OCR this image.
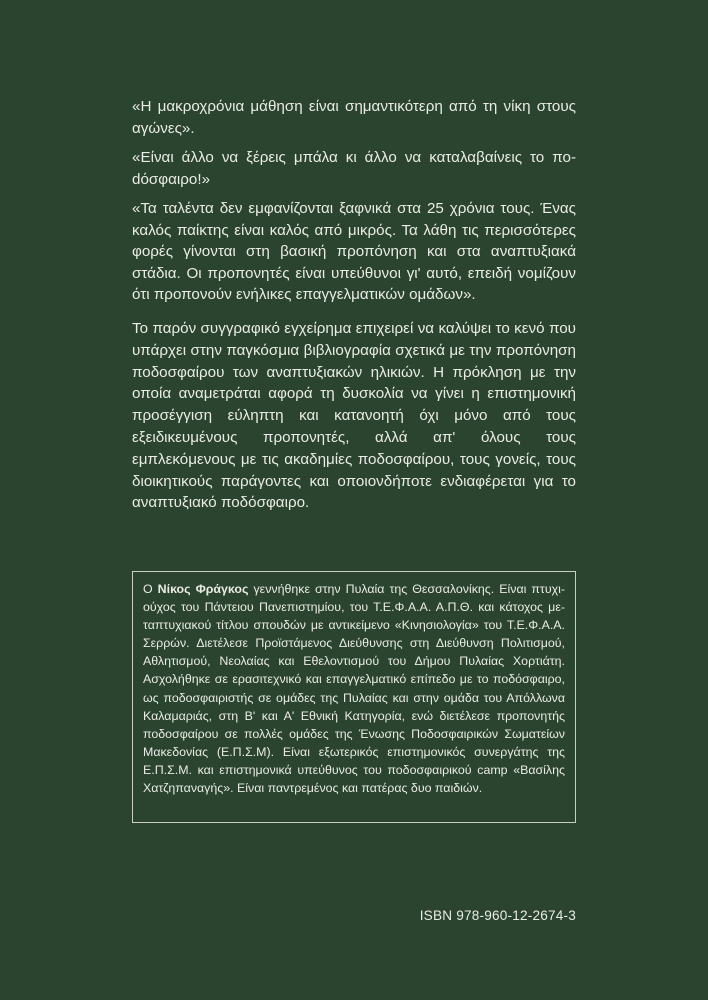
«Η μακροχρόνια μάθηση είναι σημαντικότερη από τη νίκη στους αγώνες».

«Είναι άλλο να ξέρεις μπάλα κι άλλο να καταλαβαίνεις το ποdόσφαιρο!»

«Τα ταλέντα δεν εμφανίζονται ξαφνικά στα 25 χρόνια τους. Ένας καλός παίκτης είναι καλός από μικρός. Τα λάθη τις περισσότερες φορές γίνονται στη βασική προπόνηση και στα αναπτυξιακά στάδια. Οι προπονητές είναι υπεύθυνοι γι' αυτό, επειδή νομίζουν ότι προπονούν ενήλικες επαγγελματικών ομάδων».

Το παρόν συγγραφικό εγχείρημα επιχειρεί να καλύψει το κενό που υπάρχει στην παγκόσμια βιβλιογραφία σχετικά με την προπόνηση ποδοσφαίρου των αναπτυξιακών ηλικιών. Η πρόκληση με την οποία αναμετράται αφορά τη δυσκολία να γίνει η επιστημονική προσέγγιση εύληπτη και κατανοητή όχι μόνο από τους εξειδικευμένους προπονητές, αλλά απ' όλους τους εμπλεκόμενους με τις ακαδημίες ποδοσφαίρου, τους γονείς, τους διοικητικούς παράγοντες και οποιονδήποτε ενδιαφέρεται για το αναπτυξιακό ποδόσφαιρο.

Ο Νίκος Φράγκος γεννήθηκε στην Πυλαία της Θεσσαλονίκης. Είναι πτυχιούχος του Πάντειου Πανεπιστημίου, του Τ.Ε.Φ.Α.Α. Α.Π.Θ. και κάτοχος μεταπτυχιακού τίτλου σπουδών με αντικείμενο «Κινησιολογία» του Τ.Ε.Φ.Α.Α. Σερρών. Διετέλεσε Προϊστάμενος Διεύθυνσης στη Διεύθυνση Πολιτισμού, Αθλητισμού, Νεολαίας και Εθελοντισμού του Δήμου Πυλαίας Χορτιάτη. Ασχολήθηκε σε ερασιτεχνικό και επαγγελματικό επίπεδο με το ποδόσφαιρο, ως ποδοσφαιριστής σε ομάδες της Πυλαίας και στην ομάδα του Απόλλωνα Καλαμαριάς, στη Β' και Α' Εθνική Κατηγορία, ενώ διετέλεσε προπονητής ποδοσφαίρου σε πολλές ομάδες της Ένωσης Ποδοσφαιρικών Σωματείων Μακεδονίας (Ε.Π.Σ.Μ). Είναι εξωτερικός επιστημονικός συνεργάτης της Ε.Π.Σ.Μ. και επιστημονικά υπεύθυνος του ποδοσφαιρικού camp «Βασίλης Χατζηπαναγής». Είναι παντρεμένος και πατέρας δυο παιδιών.

ISBN 978-960-12-2674-3
